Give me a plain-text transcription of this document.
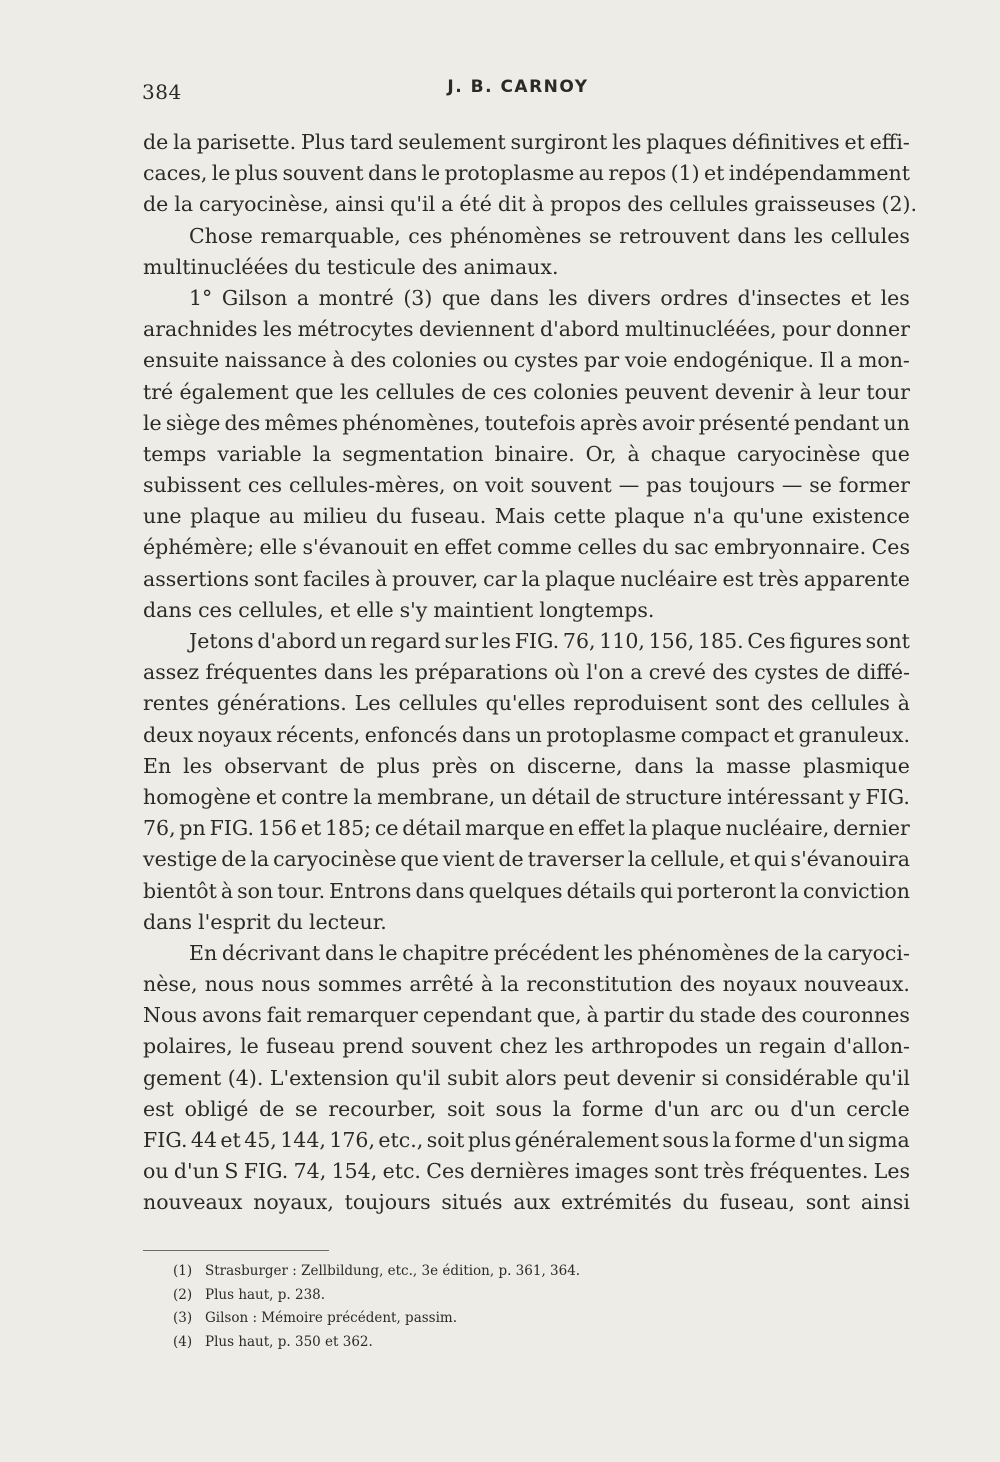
384	J. B. CARNOY
de la parisette. Plus tard seulement surgiront les plaques définitives et effi-
caces, le plus souvent dans le protoplasme au repos (1) et indépendamment
de la caryocinèse, ainsi qu'il a été dit à propos des cellules graisseuses (2).
Chose remarquable, ces phénomènes se retrouvent dans les cellules
multinucléées du testicule des animaux.
1° Gilson a montré (3) que dans les divers ordres d'insectes et les
arachnides les métrocytes deviennent d'abord multinucléées, pour donner
ensuite naissance à des colonies ou cystes par voie endogénique. Il a mon-
tré également que les cellules de ces colonies peuvent devenir à leur tour
le siège des mêmes phénomènes, toutefois après avoir présenté pendant un
temps variable la segmentation binaire. Or, à chaque caryocinèse que
subissent ces cellules-mères, on voit souvent — pas toujours — se former
une plaque au milieu du fuseau. Mais cette plaque n'a qu'une existence
éphémère; elle s'évanouit en effet comme celles du sac embryonnaire. Ces
assertions sont faciles à prouver, car la plaque nucléaire est très apparente
dans ces cellules, et elle s'y maintient longtemps.
Jetons d'abord un regard sur les FIG. 76, 110, 156, 185. Ces figures sont
assez fréquentes dans les préparations où l'on a crevé des cystes de diffé-
rentes générations. Les cellules qu'elles reproduisent sont des cellules à
deux noyaux récents, enfoncés dans un protoplasme compact et granuleux.
En les observant de plus près on discerne, dans la masse plasmique
homogène et contre la membrane, un détail de structure intéressant y FIG.
76, pn FIG. 156 et 185; ce détail marque en effet la plaque nucléaire, dernier
vestige de la caryocinèse que vient de traverser la cellule, et qui s'évanouira
bientôt à son tour. Entrons dans quelques détails qui porteront la conviction
dans l'esprit du lecteur.
En décrivant dans le chapitre précédent les phénomènes de la caryoci-
nèse, nous nous sommes arrêté à la reconstitution des noyaux nouveaux.
Nous avons fait remarquer cependant que, à partir du stade des couronnes
polaires, le fuseau prend souvent chez les arthropodes un regain d'allon-
gement (4). L'extension qu'il subit alors peut devenir si considérable qu'il
est obligé de se recourber, soit sous la forme d'un arc ou d'un cercle
FIG. 44 et 45, 144, 176, etc., soit plus généralement sous la forme d'un sigma
ou d'un S FIG. 74, 154, etc. Ces dernières images sont très fréquentes. Les
nouveaux noyaux, toujours situés aux extrémités du fuseau, sont ainsi
(1) Strasburger : Zellbildung, etc., 3e édition, p. 361, 364.
(2) Plus haut, p. 238.
(3) Gilson : Mémoire précédent, passim.
(4) Plus haut, p. 350 et 362.
